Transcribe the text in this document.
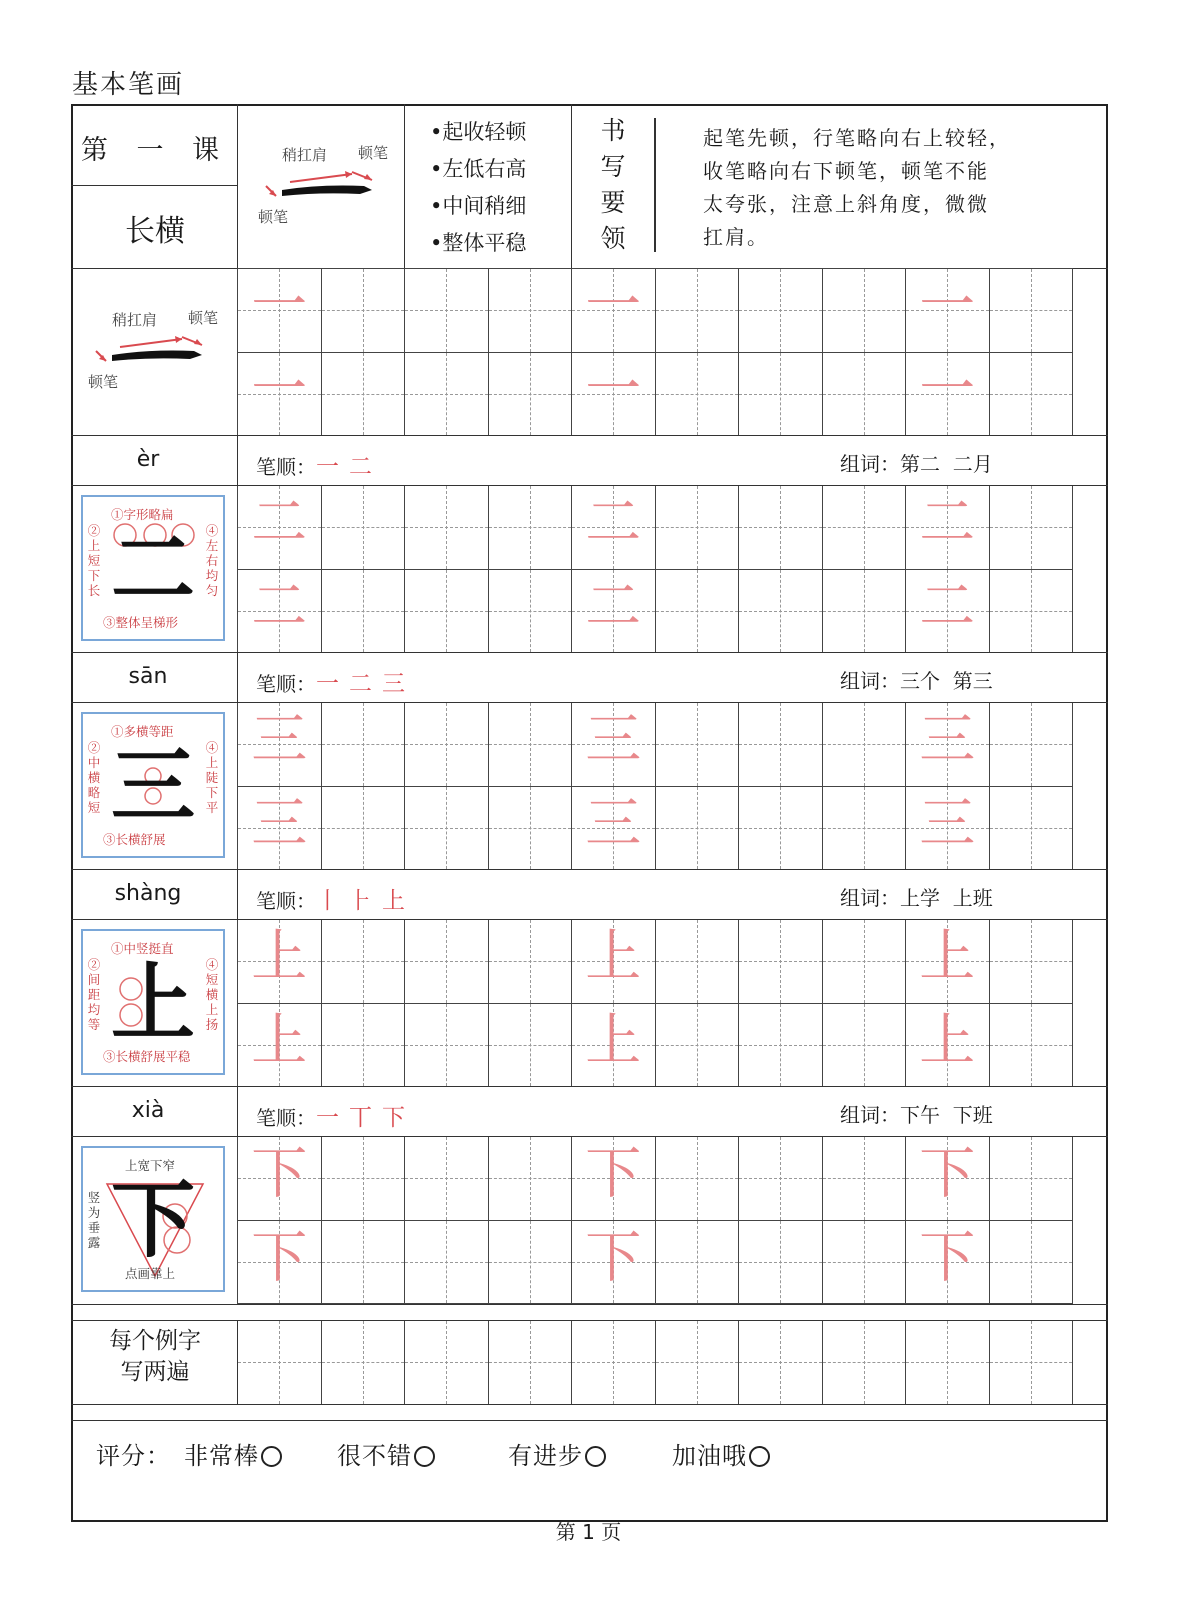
基本笔画
第 一 课
长横
稍扛肩 顿笔
顿笔
•起收轻顿
•左低右高
•中间稍细
•整体平稳
书
写
要
领
起笔先顿，行笔略向右上较轻，
收笔略向右下顿笔，顿笔不能
太夸张，注意上斜角度，微微
扛肩。
稍扛肩 顿笔
顿笔
一	一	一
一	一	一
二	二	二
二	二	二
三	三	三
三	三	三
上	上	上
上	上	上
下	下	下
下	下	下
èr	笔顺：一 二	组词：第二  二月
sān	笔顺：一 二 三	组词：三个  第三
shàng	笔顺：丨 ⺊ 上	组词：上学  上班
xià	笔顺：一 丅 下	组词：下午  下班
二
①字形略扁
②上短下长
④左右均匀
③整体呈梯形
三
①多横等距
②中横略短
④上陡下平
③长横舒展
上
①中竖挺直
②间距均等
④短横上扬
③长横舒展平稳
下
上宽下窄
竖为垂露
点画靠上
每个例字
写两遍
评分： 非常棒	很不错	有进步	加油哦
第 1 页
